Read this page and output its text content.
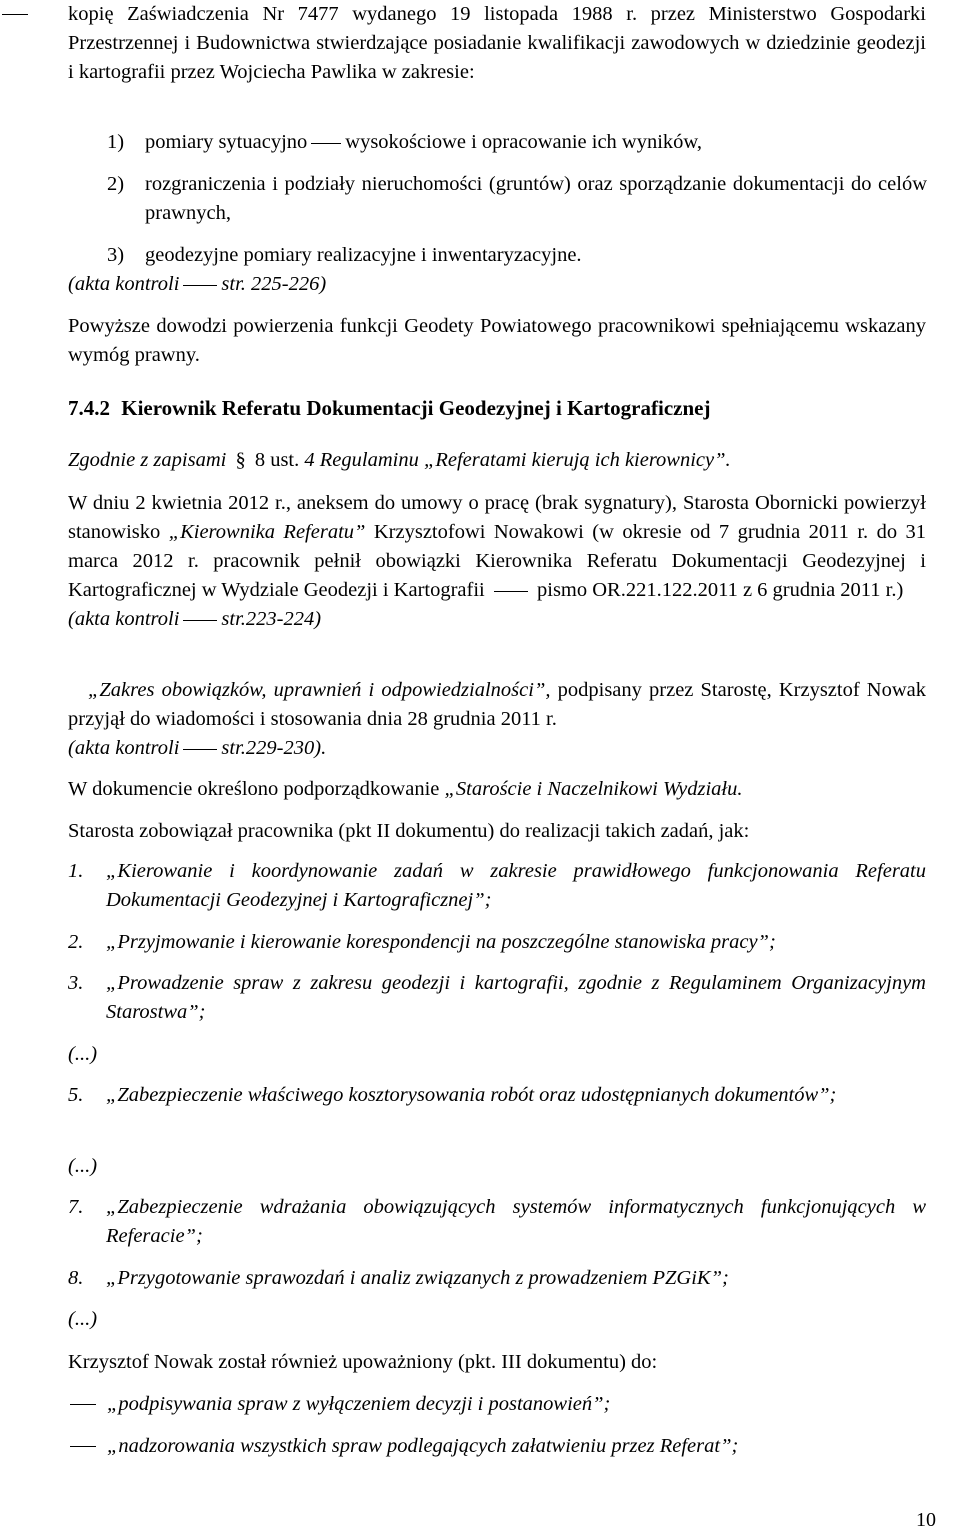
kopię Zaświadczenia Nr 7477 wydanego 19 listopada 1988 r. przez Ministerstwo Gospodarki Przestrzennej i Budownictwa stwierdzające posiadanie kwalifikacji zawodowych w dziedzinie geodezji i kartografii przez Wojciecha Pawlika w zakresie:
1) pomiary sytuacyjno wysokościowe i opracowanie ich wyników,
2) rozgraniczenia i podziały nieruchomości (gruntów) oraz sporządzanie dokumentacji do celów prawnych,
3) geodezyjne pomiary realizacyjne i inwentaryzacyjne.
(akta kontroli str. 225-226)
Powyższe dowodzi powierzenia funkcji Geodety Powiatowego pracownikowi spełniającemu wskazany wymóg prawny.
7.4.2 Kierownik Referatu Dokumentacji Geodezyjnej i Kartograficznej
Zgodnie z zapisami § 8 ust. 4 Regulaminu „Referatami kierują ich kierownicy”.
W dniu 2 kwietnia 2012 r., aneksem do umowy o pracę (brak sygnatury), Starosta Obornicki powierzył stanowisko „Kierownika Referatu” Krzysztofowi Nowakowi (w okresie od 7 grudnia 2011 r. do 31 marca 2012 r. pracownik pełnił obowiązki Kierownika Referatu Dokumentacji Geodezyjnej i Kartograficznej w Wydziale Geodezji i Kartografii	pismo OR.221.122.2011 z 6 grudnia 2011 r.)
(akta kontroli str.223-224)
„Zakres obowiązków, uprawnień i odpowiedzialności”, podpisany przez Starostę, Krzysztof Nowak przyjął do wiadomości i stosowania dnia 28 grudnia 2011 r.
(akta kontroli str.229-230).
W dokumencie określono podporządkowanie „Staroście i Naczelnikowi Wydziału.
Starosta zobowiązał pracownika (pkt II dokumentu) do realizacji takich zadań, jak:
1. „Kierowanie i koordynowanie zadań w zakresie prawidłowego funkcjonowania Referatu Dokumentacji Geodezyjnej i Kartograficznej”;
2. „Przyjmowanie i kierowanie korespondencji na poszczególne stanowiska pracy”;
3. „Prowadzenie spraw z zakresu geodezji i kartografii, zgodnie z Regulaminem Organizacyjnym Starostwa”;
(...)
5. „Zabezpieczenie właściwego kosztorysowania robót oraz udostępnianych dokumentów”;
(...)
7. „Zabezpieczenie wdrażania obowiązujących systemów informatycznych funkcjonujących w Referacie”;
8. „Przygotowanie sprawozdań i analiz związanych z prowadzeniem PZGiK”;
(...)
Krzysztof Nowak został również upoważniony (pkt. III dokumentu) do:
„podpisywania spraw z wyłączeniem decyzji i postanowień”;
„nadzorowania wszystkich spraw podlegających załatwieniu przez Referat”;
10
